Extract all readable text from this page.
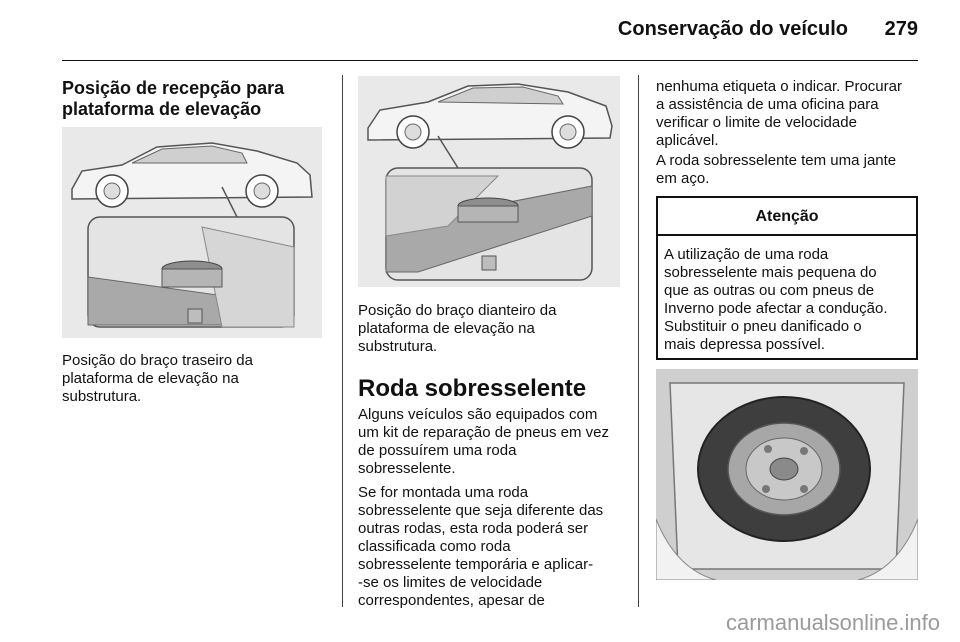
Conservação do veículo	279
Posição de recepção para
plataforma de elevação
Posição do braço traseiro da
plataforma de elevação na
substrutura.
Posição do braço dianteiro da
plataforma de elevação na
substrutura.
Roda sobresselente
Alguns veículos são equipados com
um kit de reparação de pneus em vez
de possuírem uma roda
sobresselente.
Se for montada uma roda
sobresselente que seja diferente das
outras rodas, esta roda poderá ser
classificada como roda
sobresselente temporária e aplicar-
-se os limites de velocidade
correspondentes, apesar de
nenhuma etiqueta o indicar. Procurar
a assistência de uma oficina para
verificar o limite de velocidade
aplicável.
A roda sobresselente tem uma jante
em aço.
Atenção
A utilização de uma roda
sobresselente mais pequena do
que as outras ou com pneus de
Inverno pode afectar a condução.
Substituir o pneu danificado o
mais depressa possível.
carmanualsonline.info
